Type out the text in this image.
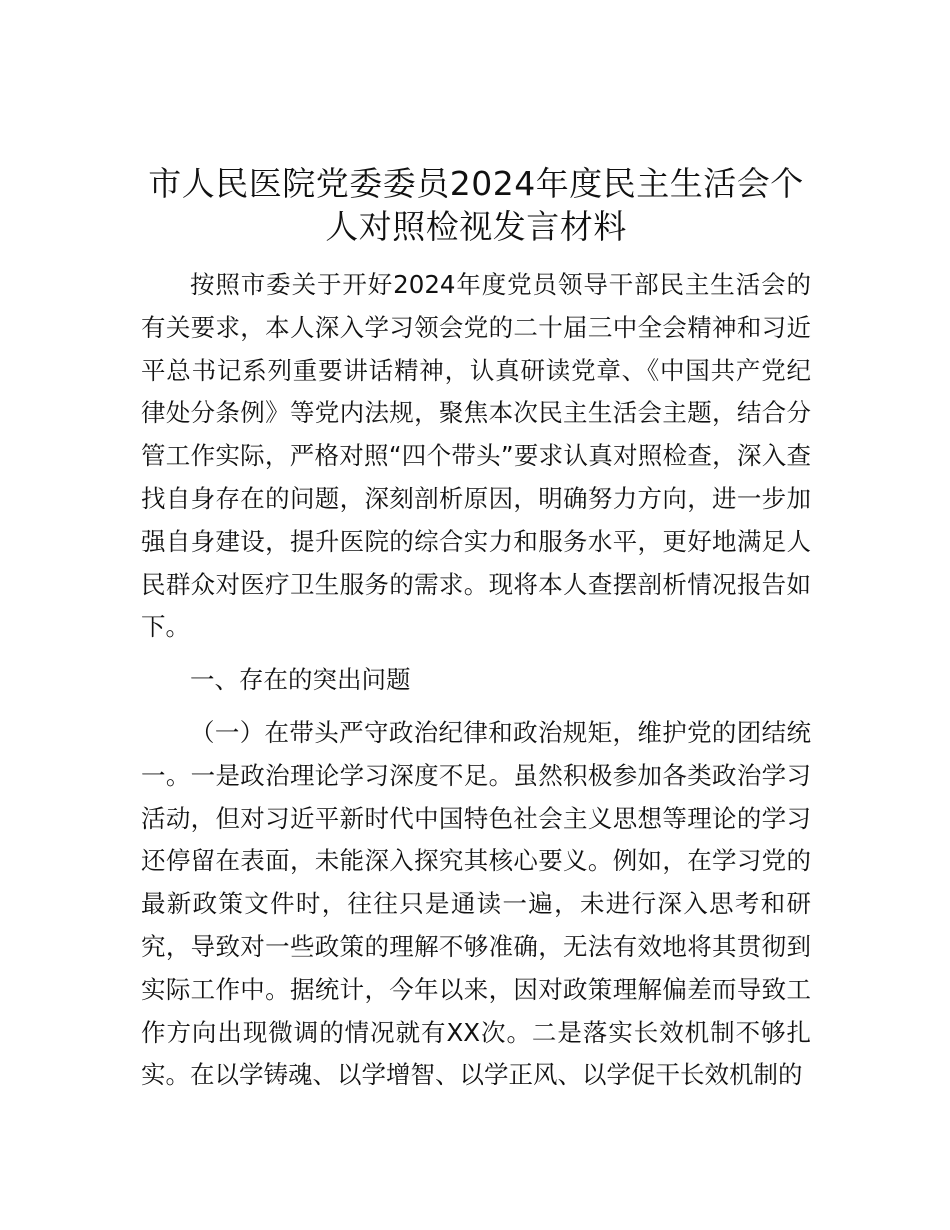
市人民医院党委委员2024年度民主生活会个
人对照检视发言材料

按照市委关于开好2024年度党员领导干部民主生活会的有关要求，本人深入学习领会党的二十届三中全会精神和习近平总书记系列重要讲话精神，认真研读党章、《中国共产党纪律处分条例》等党内法规，聚焦本次民主生活会主题，结合分管工作实际，严格对照“四个带头”要求认真对照检查，深入查找自身存在的问题，深刻剖析原因，明确努力方向，进一步加强自身建设，提升医院的综合实力和服务水平，更好地满足人民群众对医疗卫生服务的需求。现将本人查摆剖析情况报告如下。

一、存在的突出问题

（一）在带头严守政治纪律和政治规矩，维护党的团结统一。一是政治理论学习深度不足。虽然积极参加各类政治学习活动，但对习近平新时代中国特色社会主义思想等理论的学习还停留在表面，未能深入探究其核心要义。例如，在学习党的最新政策文件时，往往只是通读一遍，未进行深入思考和研究，导致对一些政策的理解不够准确，无法有效地将其贯彻到实际工作中。据统计，今年以来，因对政策理解偏差而导致工作方向出现微调的情况就有XX次。二是落实长效机制不够扎实。在以学铸魂、以学增智、以学正风、以学促干长效机制的
